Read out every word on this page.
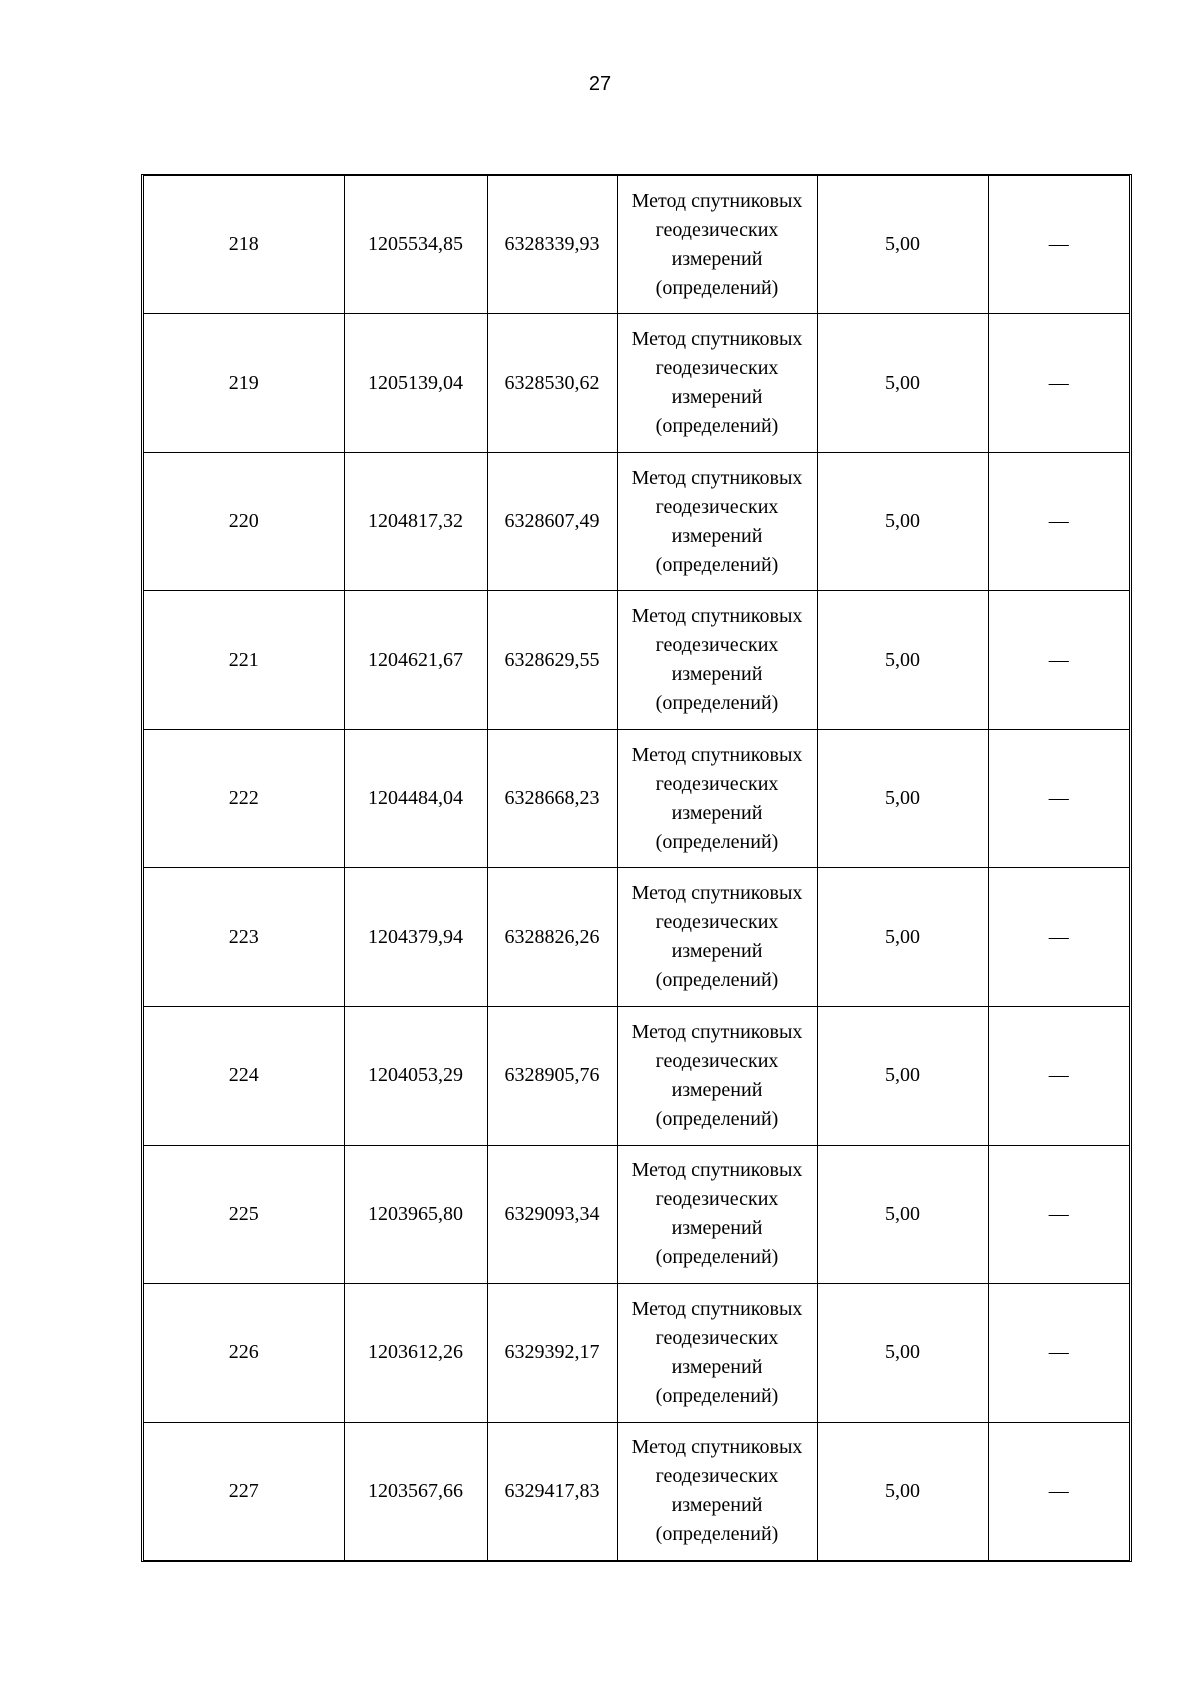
27
218	1205534,85	6328339,93	Метод спутниковых
геодезических
измерений
(определений)	5,00	—
219	1205139,04	6328530,62	Метод спутниковых
геодезических
измерений
(определений)	5,00	—
220	1204817,32	6328607,49	Метод спутниковых
геодезических
измерений
(определений)	5,00	—
221	1204621,67	6328629,55	Метод спутниковых
геодезических
измерений
(определений)	5,00	—
222	1204484,04	6328668,23	Метод спутниковых
геодезических
измерений
(определений)	5,00	—
223	1204379,94	6328826,26	Метод спутниковых
геодезических
измерений
(определений)	5,00	—
224	1204053,29	6328905,76	Метод спутниковых
геодезических
измерений
(определений)	5,00	—
225	1203965,80	6329093,34	Метод спутниковых
геодезических
измерений
(определений)	5,00	—
226	1203612,26	6329392,17	Метод спутниковых
геодезических
измерений
(определений)	5,00	—
227	1203567,66	6329417,83	Метод спутниковых
геодезических
измерений
(определений)	5,00	—
